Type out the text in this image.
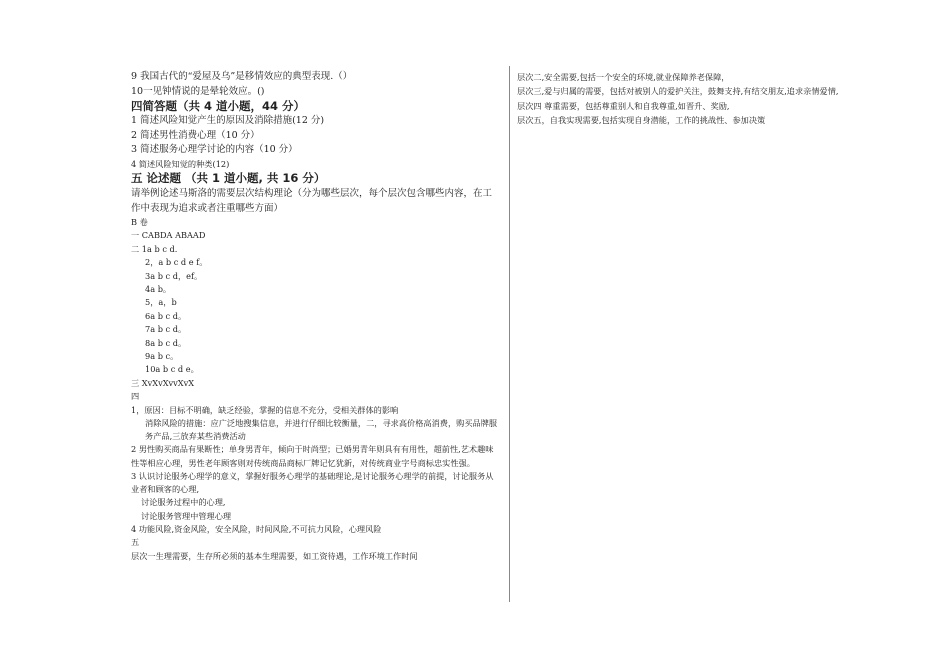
9 我国古代的“爱屋及乌”是移情效应的典型表现.（）
10一见钟情说的是晕轮效应。()
四简答题（共 4 道小题，44 分）
1 简述风险知觉产生的原因及消除措施(12 分)
2 简述男性消费心理（10 分）
3 简述服务心理学讨论的内容（10 分）
4 简述风险知觉的种类(12)
五 论述题 （共 1 道小题, 共 16 分）
请举例论述马斯洛的需要层次结构理论（分为哪些层次，每个层次包含哪些内容，在工作中表现为追求或者注重哪些方面）
B 卷
一 CABDA ABAAD
二 1a b c d.
2，a b c d e f。
3a b c d，ef。
4a b。
5，a，b
6a b c d。
7a b c d。
8a b c d。
9a b c。
10a b c d e。
三 XvXvXvvXvX
四
1，原因：目标不明确，缺乏经验，掌握的信息不充分，受相关群体的影响
消除风险的措施：应广泛地搜集信息，并进行仔细比较衡量，二，寻求高价格高消费，购买品牌服务产品,三放弃某些消费活动
2 男性购买商品有果断性；单身男青年，倾向于时尚型；已婚男青年则具有有用性，超前性,艺术趣味性等相应心理，男性老年顾客则对传统商品商标厂牌记忆犹新，对传统商业字号商标忠实性强。
3 认识讨论服务心理学的意义，掌握好服务心理学的基础理论,是讨论服务心理学的前提，讨论服务从业者和顾客的心理,
讨论服务过程中的心理,
讨论服务管理中管理心理
4 功能风险,资金风险，安全风险，时间风险,不可抗力风险，心理风险
五
层次一生理需要，生存所必须的基本生理需要，如工资待遇，工作环境工作时间
层次二,安全需要,包括一个安全的环境,就业保障养老保障，
层次三,爱与归属的需要，包括对被别人的爱护关注，鼓舞支持,有结交朋友,追求亲情爱情,
层次四 尊重需要，包括尊重别人和自我尊重,如晋升、奖励,
层次五，自我实现需要,包括实现自身潜能，工作的挑战性、参加决策
